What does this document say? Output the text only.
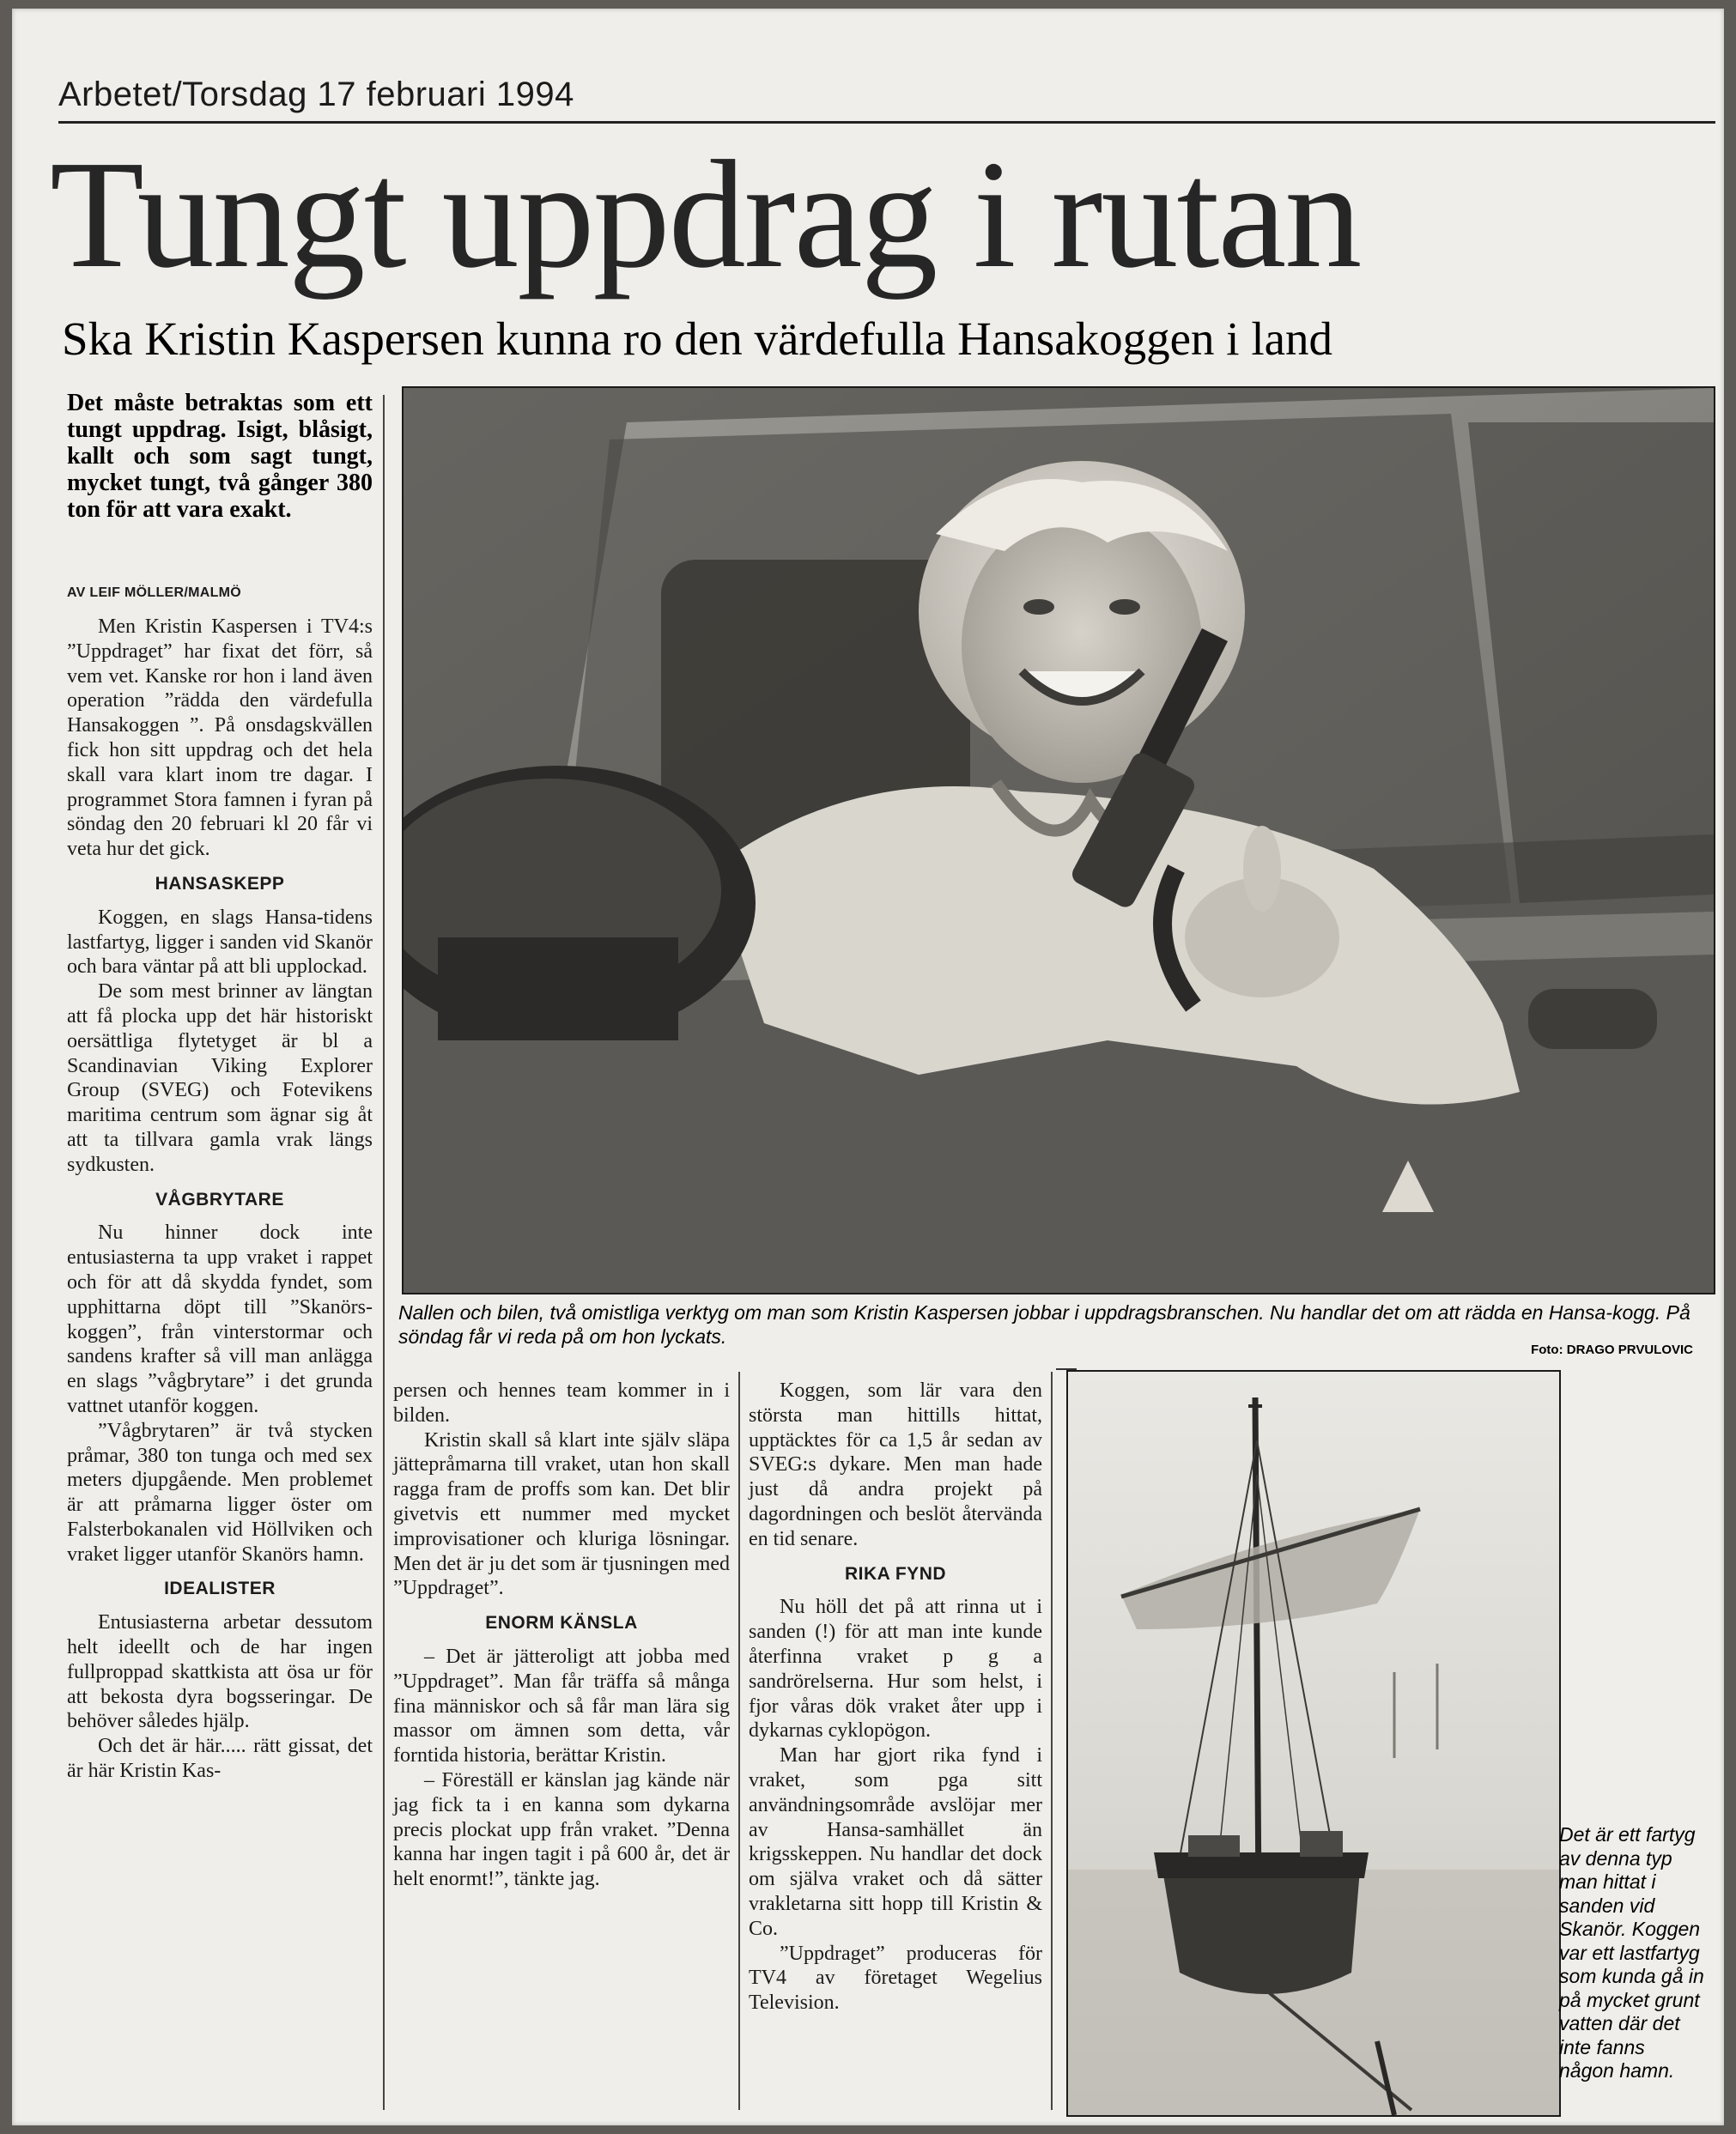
Arbetet/Torsdag 17 februari 1994
Tungt uppdrag i rutan
Ska Kristin Kaspersen kunna ro den värdefulla Hansakoggen i land
Det måste betraktas som ett tungt uppdrag. Isigt, blåsigt, kallt och som sagt tungt, mycket tungt, två gånger 380 ton för att vara exakt.
AV LEIF MÖLLER/MALMÖ

Men Kristin Kaspersen i TV4:s ”Uppdraget” har fixat det förr, så vem vet. Kanske ror hon i land även operation ”rädda den värdefulla Hansakoggen ”. På onsdagskvällen fick hon sitt uppdrag och det hela skall vara klart inom tre dagar. I programmet Stora famnen i fyran på söndag den 20 februari kl 20 får vi veta hur det gick.

HANSASKEPP

Koggen, en slags Hansa-tidens lastfartyg, ligger i sanden vid Skanör och bara väntar på att bli upplockad.

De som mest brinner av längtan att få plocka upp det här historiskt oersättliga flytetyget är bl a Scandinavian Viking Explorer Group (SVEG) och Fotevikens maritima centrum som ägnar sig åt att ta tillvara gamla vrak längs sydkusten.

VÅGBRYTARE

Nu hinner dock inte entusiasterna ta upp vraket i rappet och för att då skydda fyndet, som upphittarna döpt till ”Skanörs-koggen”, från vinterstormar och sandens krafter så vill man anlägga en slags ”vågbrytare” i det grunda vattnet utanför koggen.

”Vågbrytaren” är två stycken pråmar, 380 ton tunga och med sex meters djupgående. Men problemet är att pråmarna ligger öster om Falsterbokanalen vid Höllviken och vraket ligger utanför Skanörs hamn.

IDEALISTER

Entusiasterna arbetar dessutom helt ideellt och de har ingen fullproppad skattkista att ösa ur för att bekosta dyra bogsseringar. De behöver således hjälp.

Och det är här..... rätt gissat, det är här Kristin Kas-

Nallen och bilen, två omistliga verktyg om man som Kristin Kaspersen jobbar i uppdragsbranschen. Nu handlar det om att rädda en Hansa-kogg. På söndag får vi reda på om hon lyckats.
Foto: DRAGO PRVULOVIC

persen och hennes team kommer in i bilden.

Kristin skall så klart inte själv släpa jättepråmarna till vraket, utan hon skall ragga fram de proffs som kan. Det blir givetvis ett nummer med mycket improvisationer och kluriga lösningar. Men det är ju det som är tjusningen med ”Uppdraget”.

ENORM KÄNSLA

– Det är jätteroligt att jobba med ”Uppdraget”. Man får träffa så många fina människor och så får man lära sig massor om ämnen som detta, vår forntida historia, berättar Kristin.

– Föreställ er känslan jag kände när jag fick ta i en kanna som dykarna precis plockat upp från vraket. ”Denna kanna har ingen tagit i på 600 år, det är helt enormt!”, tänkte jag.

Koggen, som lär vara den största man hittills hittat, upptäcktes för ca 1,5 år sedan av SVEG:s dykare. Men man hade just då andra projekt på dagordningen och beslöt återvända en tid senare.

RIKA FYND

Nu höll det på att rinna ut i sanden (!) för att man inte kunde återfinna vraket p g a sandrörelserna. Hur som helst, i fjor våras dök vraket åter upp i dykarnas cyklopögon.

Man har gjort rika fynd i vraket, som pga sitt användningsområde avslöjar mer av Hansa-samhället än krigsskeppen. Nu handlar det dock om själva vraket och då sätter vrakletarna sitt hopp till Kristin & Co.

”Uppdraget” produceras för TV4 av företaget Wegelius Television.

Det är ett fartyg av denna typ man hittat i sanden vid Skanör. Koggen var ett lastfartyg som kunda gå in på mycket grunt vatten där det inte fanns någon hamn.
